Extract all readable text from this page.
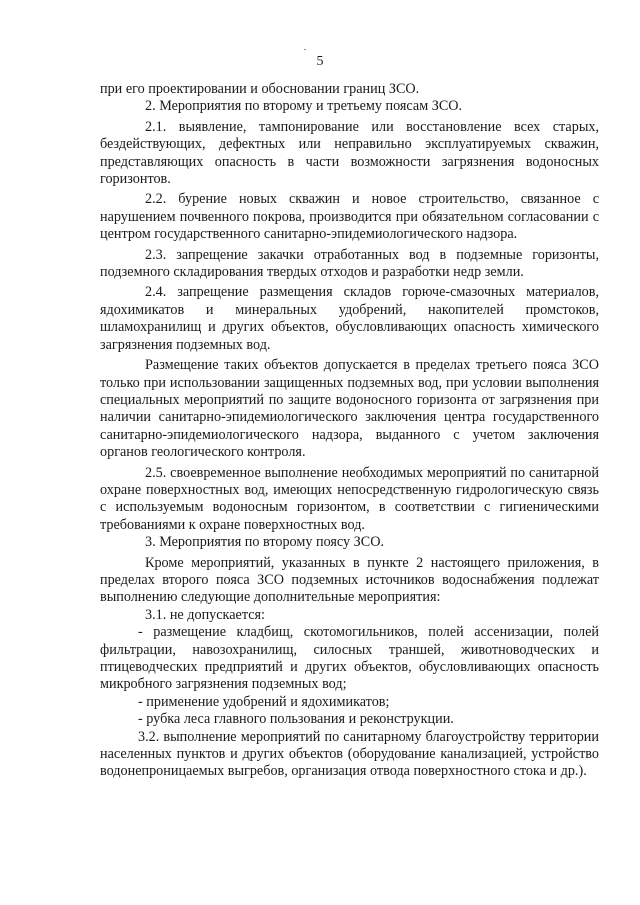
5

при его проектировании и обосновании границ ЗСО.

2. Мероприятия по второму и третьему поясам ЗСО.

2.1. выявление, тампонирование или восстановление всех старых, бездействующих, дефектных или неправильно эксплуатируемых скважин, представляющих опасность в части возможности загрязнения водоносных горизонтов.

2.2. бурение новых скважин и новое строительство, связанное с нарушением почвенного покрова, производится при обязательном согласовании с центром государственного санитарно-эпидемиологического надзора.

2.3. запрещение закачки отработанных вод в подземные горизонты, подземного складирования твердых отходов и разработки недр земли.

2.4. запрещение размещения складов горюче-смазочных материалов, ядохимикатов и минеральных удобрений, накопителей промстоков, шламохранилищ и других объектов, обусловливающих опасность химического загрязнения подземных вод.

Размещение таких объектов допускается в пределах третьего пояса ЗСО только при использовании защищенных подземных вод, при условии выполнения специальных мероприятий по защите водоносного горизонта от загрязнения при наличии санитарно-эпидемиологического заключения центра государственного санитарно-эпидемиологического надзора, выданного с учетом заключения органов геологического контроля.

2.5. своевременное выполнение необходимых мероприятий по санитарной охране поверхностных вод, имеющих непосредственную гидрологическую связь с используемым водоносным горизонтом, в соответствии с гигиеническими требованиями к охране поверхностных вод.

3. Мероприятия по второму поясу ЗСО.

Кроме мероприятий, указанных в пункте 2 настоящего приложения, в пределах второго пояса ЗСО подземных источников водоснабжения подлежат выполнению следующие дополнительные мероприятия:

3.1. не допускается:

- размещение кладбищ, скотомогильников, полей ассенизации, полей фильтрации, навозохранилищ, силосных траншей, животноводческих и птицеводческих предприятий и других объектов, обусловливающих опасность микробного загрязнения подземных вод;

- применение удобрений и ядохимикатов;

- рубка леса главного пользования и реконструкции.

3.2. выполнение мероприятий по санитарному благоустройству территории населенных пунктов и других объектов (оборудование канализацией, устройство водонепроницаемых выгребов, организация отвода поверхностного стока и др.).
